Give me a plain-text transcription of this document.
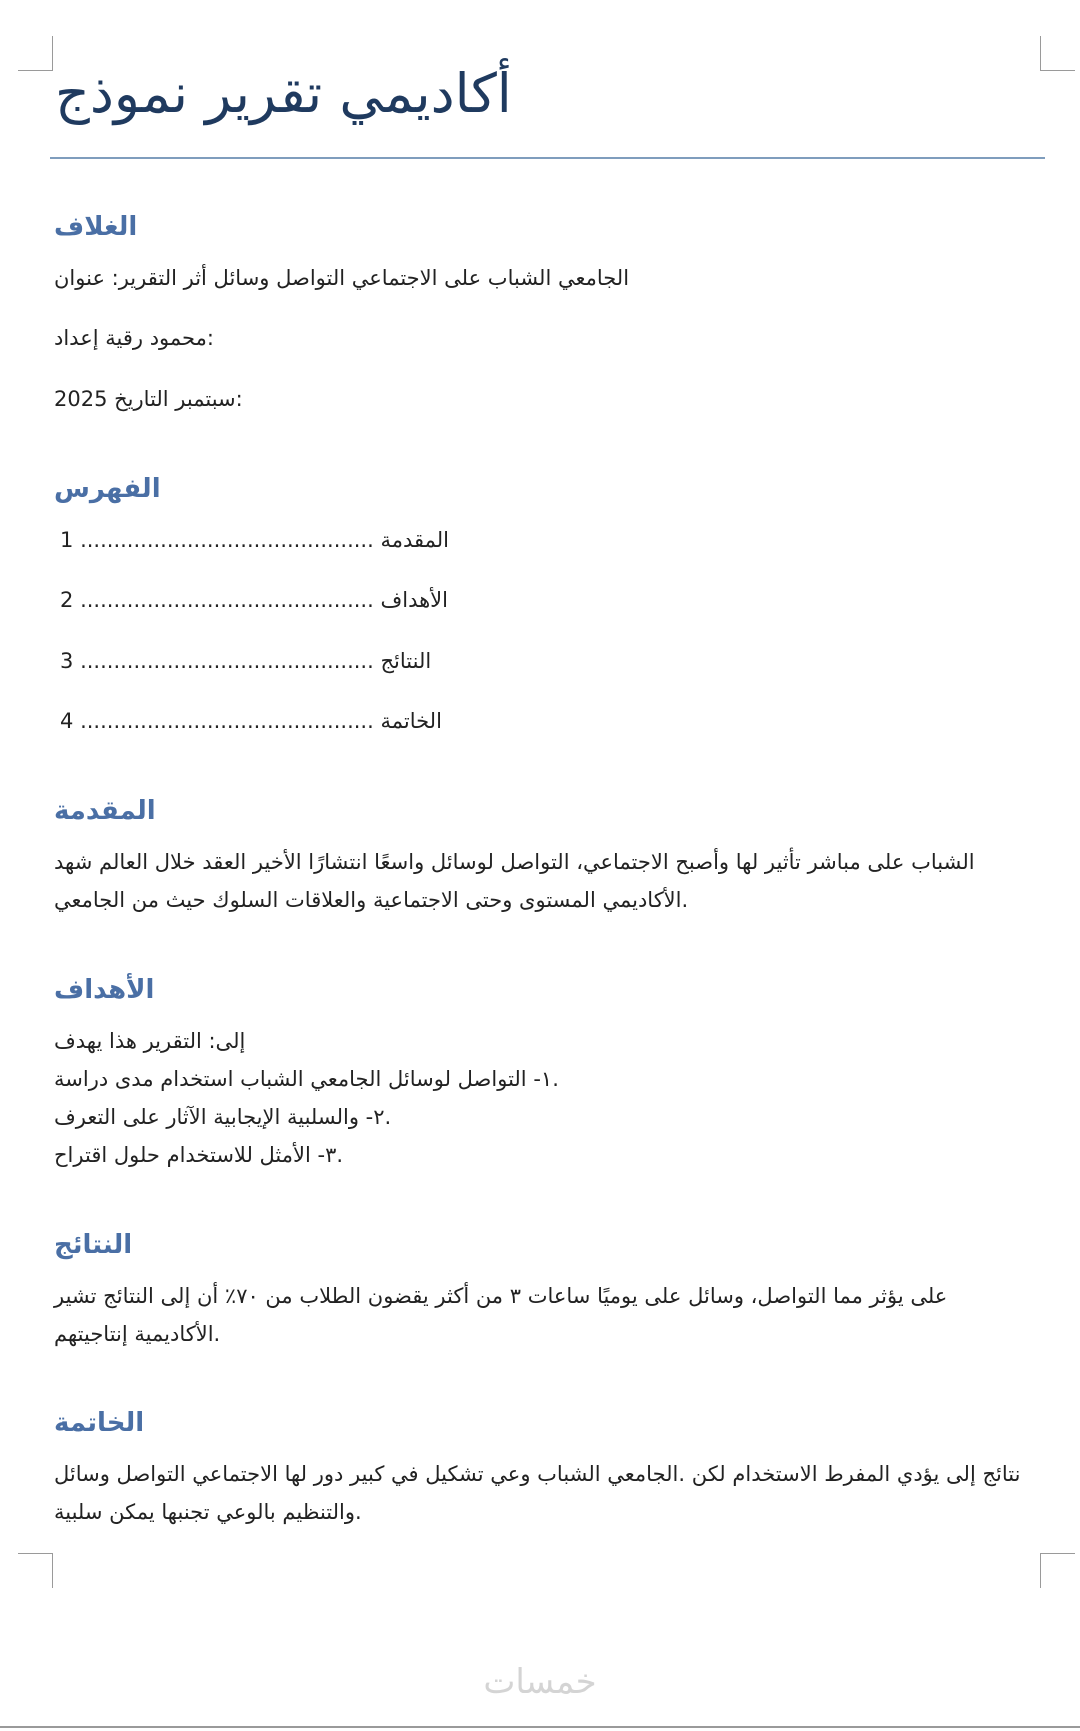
أكاديمي تقرير نموذج
الغلاف

الجامعي الشباب على الاجتماعي التواصل وسائل أثر التقرير: عنوان

محمود رقية إعداد:

2025 سبتمبر التاريخ:

الفهرس
المقدمة ............................................ 1
الأهداف ............................................ 2
النتائج ............................................ 3
الخاتمة ............................................ 4
المقدمة

الشباب على مباشر تأثير لها وأصبح الاجتماعي، التواصل لوسائل واسعًا انتشارًا الأخير العقد خلال العالم شهد

الأكاديمي المستوى وحتى الاجتماعية والعلاقات السلوك حيث من الجامعي.

الأهداف

إلى: التقرير هذا يهدف

١- التواصل لوسائل الجامعي الشباب استخدام مدى دراسة.

٢- والسلبية الإيجابية الآثار على التعرف.

٣- الأمثل للاستخدام حلول اقتراح.

النتائج

على يؤثر مما التواصل، وسائل على يوميًا ساعات ٣ من أكثر يقضون الطلاب من ٧٠٪ أن إلى النتائج تشير

الأكاديمية إنتاجيتهم.

الخاتمة

نتائج إلى يؤدي المفرط الاستخدام لكن .الجامعي الشباب وعي تشكيل في كبير دور لها الاجتماعي التواصل وسائل

والتنظيم بالوعي تجنبها يمكن سلبية.

خمسات
